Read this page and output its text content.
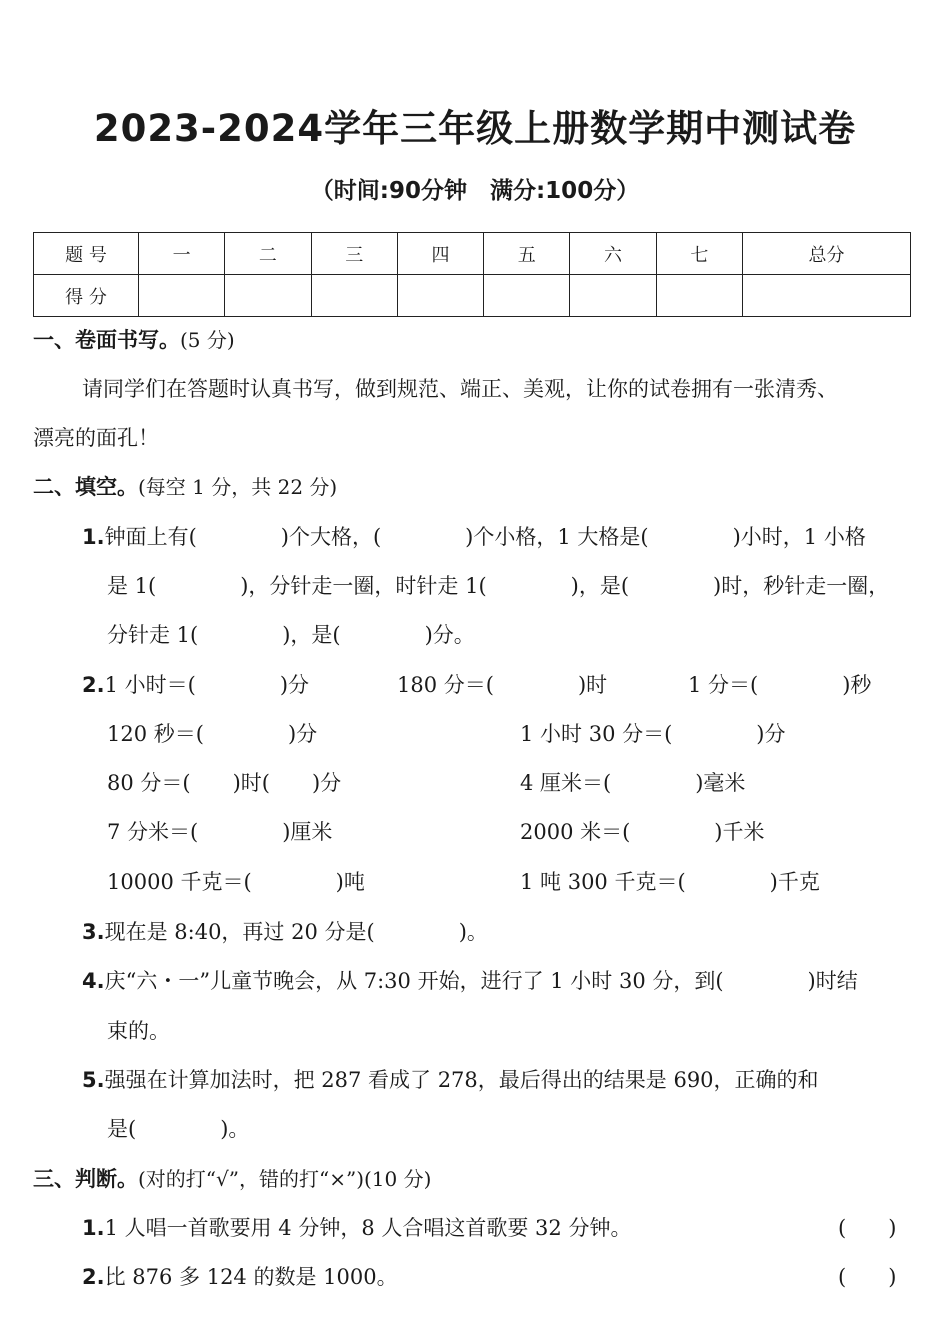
2023-2024学年三年级上册数学期中测试卷
（时间:90分钟　满分:100分）
题 号	一	二	三	四	五	六	七	总分
得 分								
一、卷面书写。(5 分)
请同学们在答题时认真书写，做到规范、端正、美观，让你的试卷拥有一张清秀、
漂亮的面孔！
二、填空。(每空 1 分，共 22 分)
1.钟面上有(　　　　)个大格，(　　　　)个小格，1 大格是(　　　　)小时，1 小格
是 1(　　　　)，分针走一圈，时针走 1(　　　　)，是(　　　　)时，秒针走一圈，
分针走 1(　　　　)，是(　　　　)分。
2.1 小时＝(　　　　)分	180 分＝(　　　　)时	1 分＝(　　　　)秒
120 秒＝(　　　　)分	1 小时 30 分＝(　　　　)分
80 分＝(　　)时(　　)分	4 厘米＝(　　　　)毫米
7 分米＝(　　　　)厘米	2000 米＝(　　　　)千米
10000 千克＝(　　　　)吨	1 吨 300 千克＝(　　　　)千克
3.现在是 8:40，再过 20 分是(　　　　)。
4.庆“六・一”儿童节晚会，从 7:30 开始，进行了 1 小时 30 分，到(　　　　)时结
束的。
5.强强在计算加法时，把 287 看成了 278，最后得出的结果是 690，正确的和
是(　　　　)。
三、判断。(对的打“√”，错的打“×”)(10 分)
1.1 人唱一首歌要用 4 分钟，8 人合唱这首歌要 32 分钟。	(　　)
2.比 876 多 124 的数是 1000。	(　　)
